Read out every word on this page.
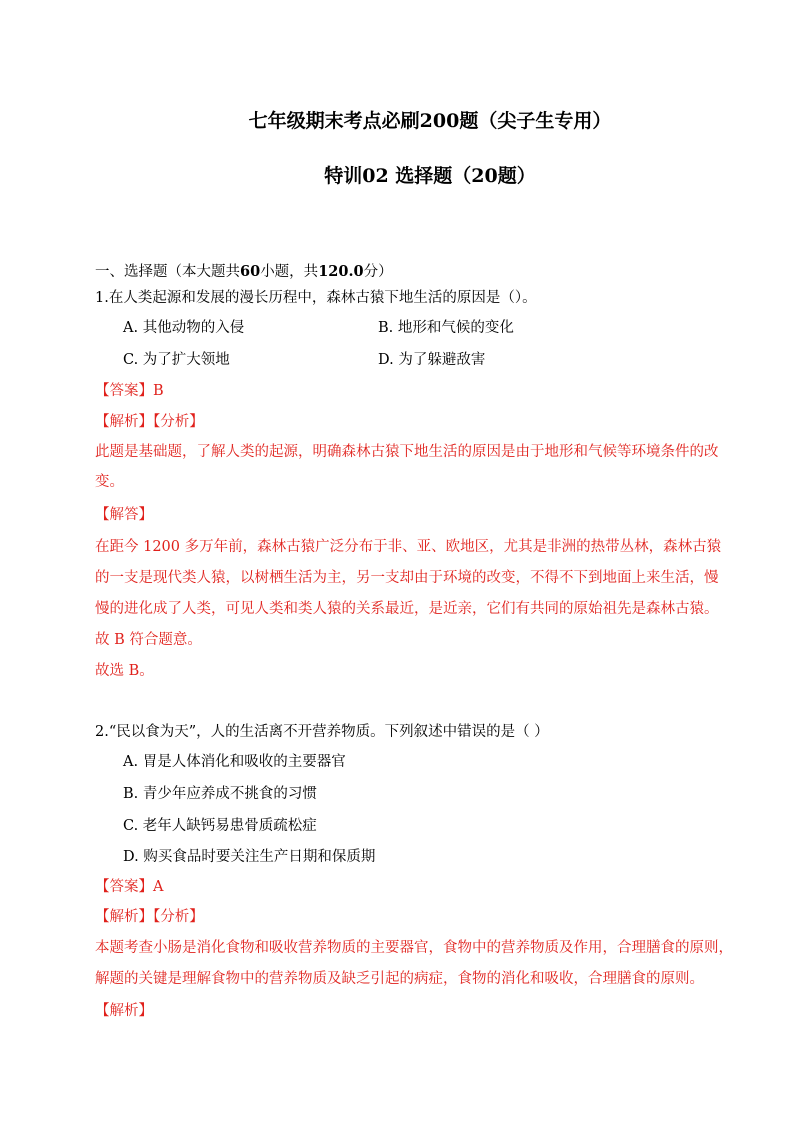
七年级期末考点必刷200题（尖子生专用）
特训02 选择题（20题）
一、选择题（本大题共60小题，共120.0分）
1.在人类起源和发展的漫长历程中，森林古猿下地生活的原因是（）。
A. 其他动物的入侵	B. 地形和气候的变化
C. 为了扩大领地	D. 为了躲避敌害
【答案】B
【解析】【分析】
此题是基础题，了解人类的起源，明确森林古猿下地生活的原因是由于地形和气候等环境条件的改
变。
【解答】
在距今 1200 多万年前，森林古猿广泛分布于非、亚、欧地区，尤其是非洲的热带丛林，森林古猿
的一支是现代类人猿，以树栖生活为主，另一支却由于环境的改变，不得不下到地面上来生活，慢
慢的进化成了人类，可见人类和类人猿的关系最近，是近亲，它们有共同的原始祖先是森林古猿。
故 B 符合题意。
故选 B。
2.“民以食为天”，人的生活离不开营养物质。下列叙述中错误的是（ ）
A. 胃是人体消化和吸收的主要器官
B. 青少年应养成不挑食的习惯
C. 老年人缺钙易患骨质疏松症
D. 购买食品时要关注生产日期和保质期
【答案】A
【解析】【分析】
本题考查小肠是消化食物和吸收营养物质的主要器官，食物中的营养物质及作用，合理膳食的原则，
解题的关键是理解食物中的营养物质及缺乏引起的病症，食物的消化和吸收，合理膳食的原则。
【解析】
